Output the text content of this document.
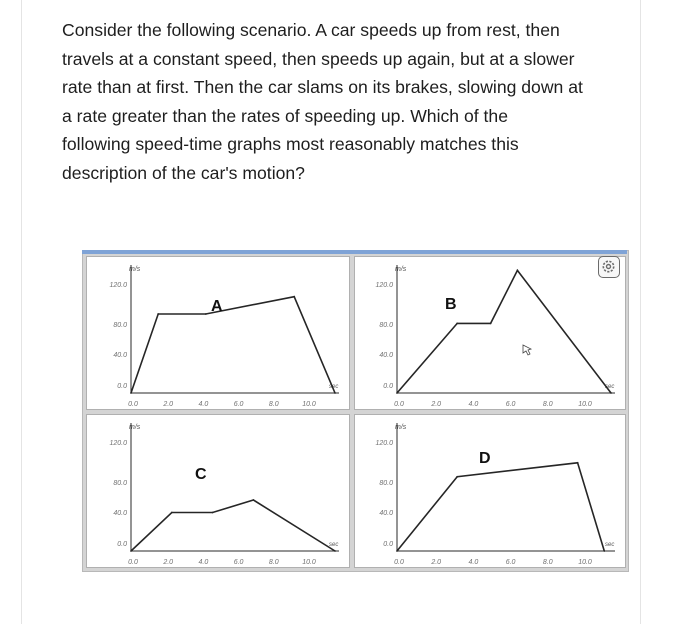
Consider the following scenario. A car speeds up from rest, then

travels at a constant speed, then speeds up again, but at a slower

rate than at first. Then the car slams on its brakes, slowing down at

a rate greater than the rates of speeding up. Which of the

following speed-time graphs most reasonably matches this

description of the car's motion?

120.0
80.0
40.0
0.0
0.0	2.0	4.0	6.0	8.0	10.0
m/s
sec
A
120.0
80.0
40.0
0.0
0.0	2.0	4.0	6.0	8.0	10.0
m/s
sec
B
120.0
80.0
40.0
0.0
0.0	2.0	4.0	6.0	8.0	10.0
m/s
sec
C
120.0
80.0
40.0
0.0
0.0	2.0	4.0	6.0	8.0	10.0
m/s
sec
D
